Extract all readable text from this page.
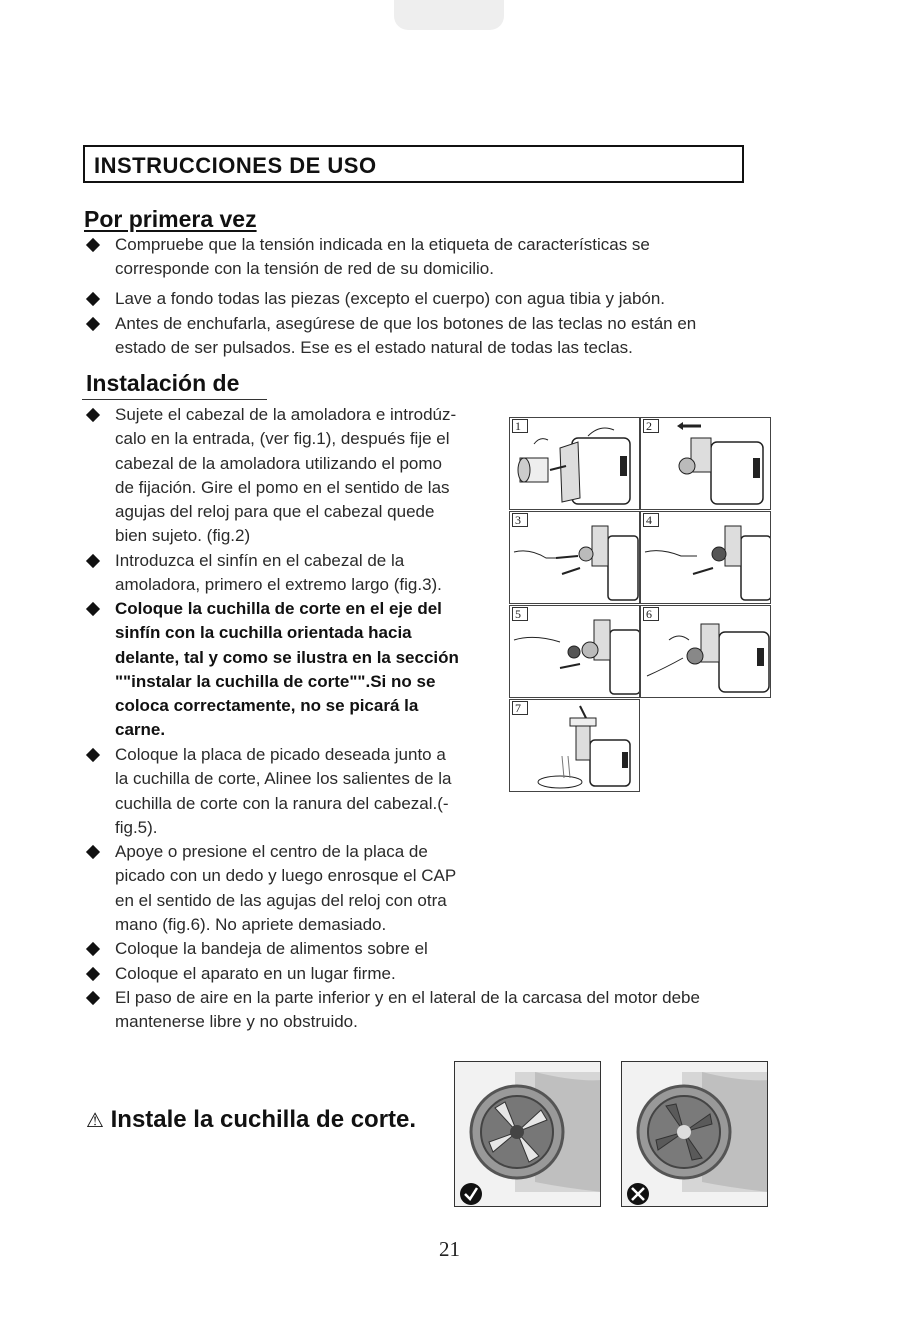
INSTRUCCIONES DE USO
Por primera vez
Compruebe que la tensión indicada en la etiqueta de características se
corresponde con la tensión de red de su domicilio.
Lave a fondo todas las piezas (excepto el cuerpo) con agua tibia y jabón.
Antes de enchufarla, asegúrese de que los botones de las teclas no están en
estado de ser pulsados. Ese es el estado natural de todas las teclas.
Instalación de
Sujete el cabezal de la amoladora e introdúz-
calo en la entrada, (ver fig.1), después fije el
cabezal de la amoladora utilizando el pomo
de fijación. Gire el pomo en el sentido de las
agujas del reloj para que el cabezal quede
bien sujeto. (fig.2)
Introduzca el sinfín en el cabezal de la
amoladora, primero el extremo largo (fig.3).
Coloque la cuchilla de corte en el eje del
sinfín con la cuchilla orientada hacia
delante, tal y como se ilustra en la sección
""instalar la cuchilla de corte"".Si no se
coloca correctamente, no se picará la
carne.
Coloque la placa de picado deseada junto a
la cuchilla de corte, Alinee los salientes de la
cuchilla de corte con la ranura del cabezal.(-
fig.5).
Apoye o presione el centro de la placa de
picado con un dedo y luego enrosque el CAP
en el sentido de las agujas del reloj con otra
mano (fig.6). No apriete demasiado.
Coloque la bandeja de alimentos sobre el
Coloque el aparato en un lugar firme.
El paso de aire en la parte inferior y en el lateral de la carcasa del motor debe
mantenerse libre y no obstruido.
1	2
3	4
5	6
7
⚠ Instale la cuchilla de corte.
21
